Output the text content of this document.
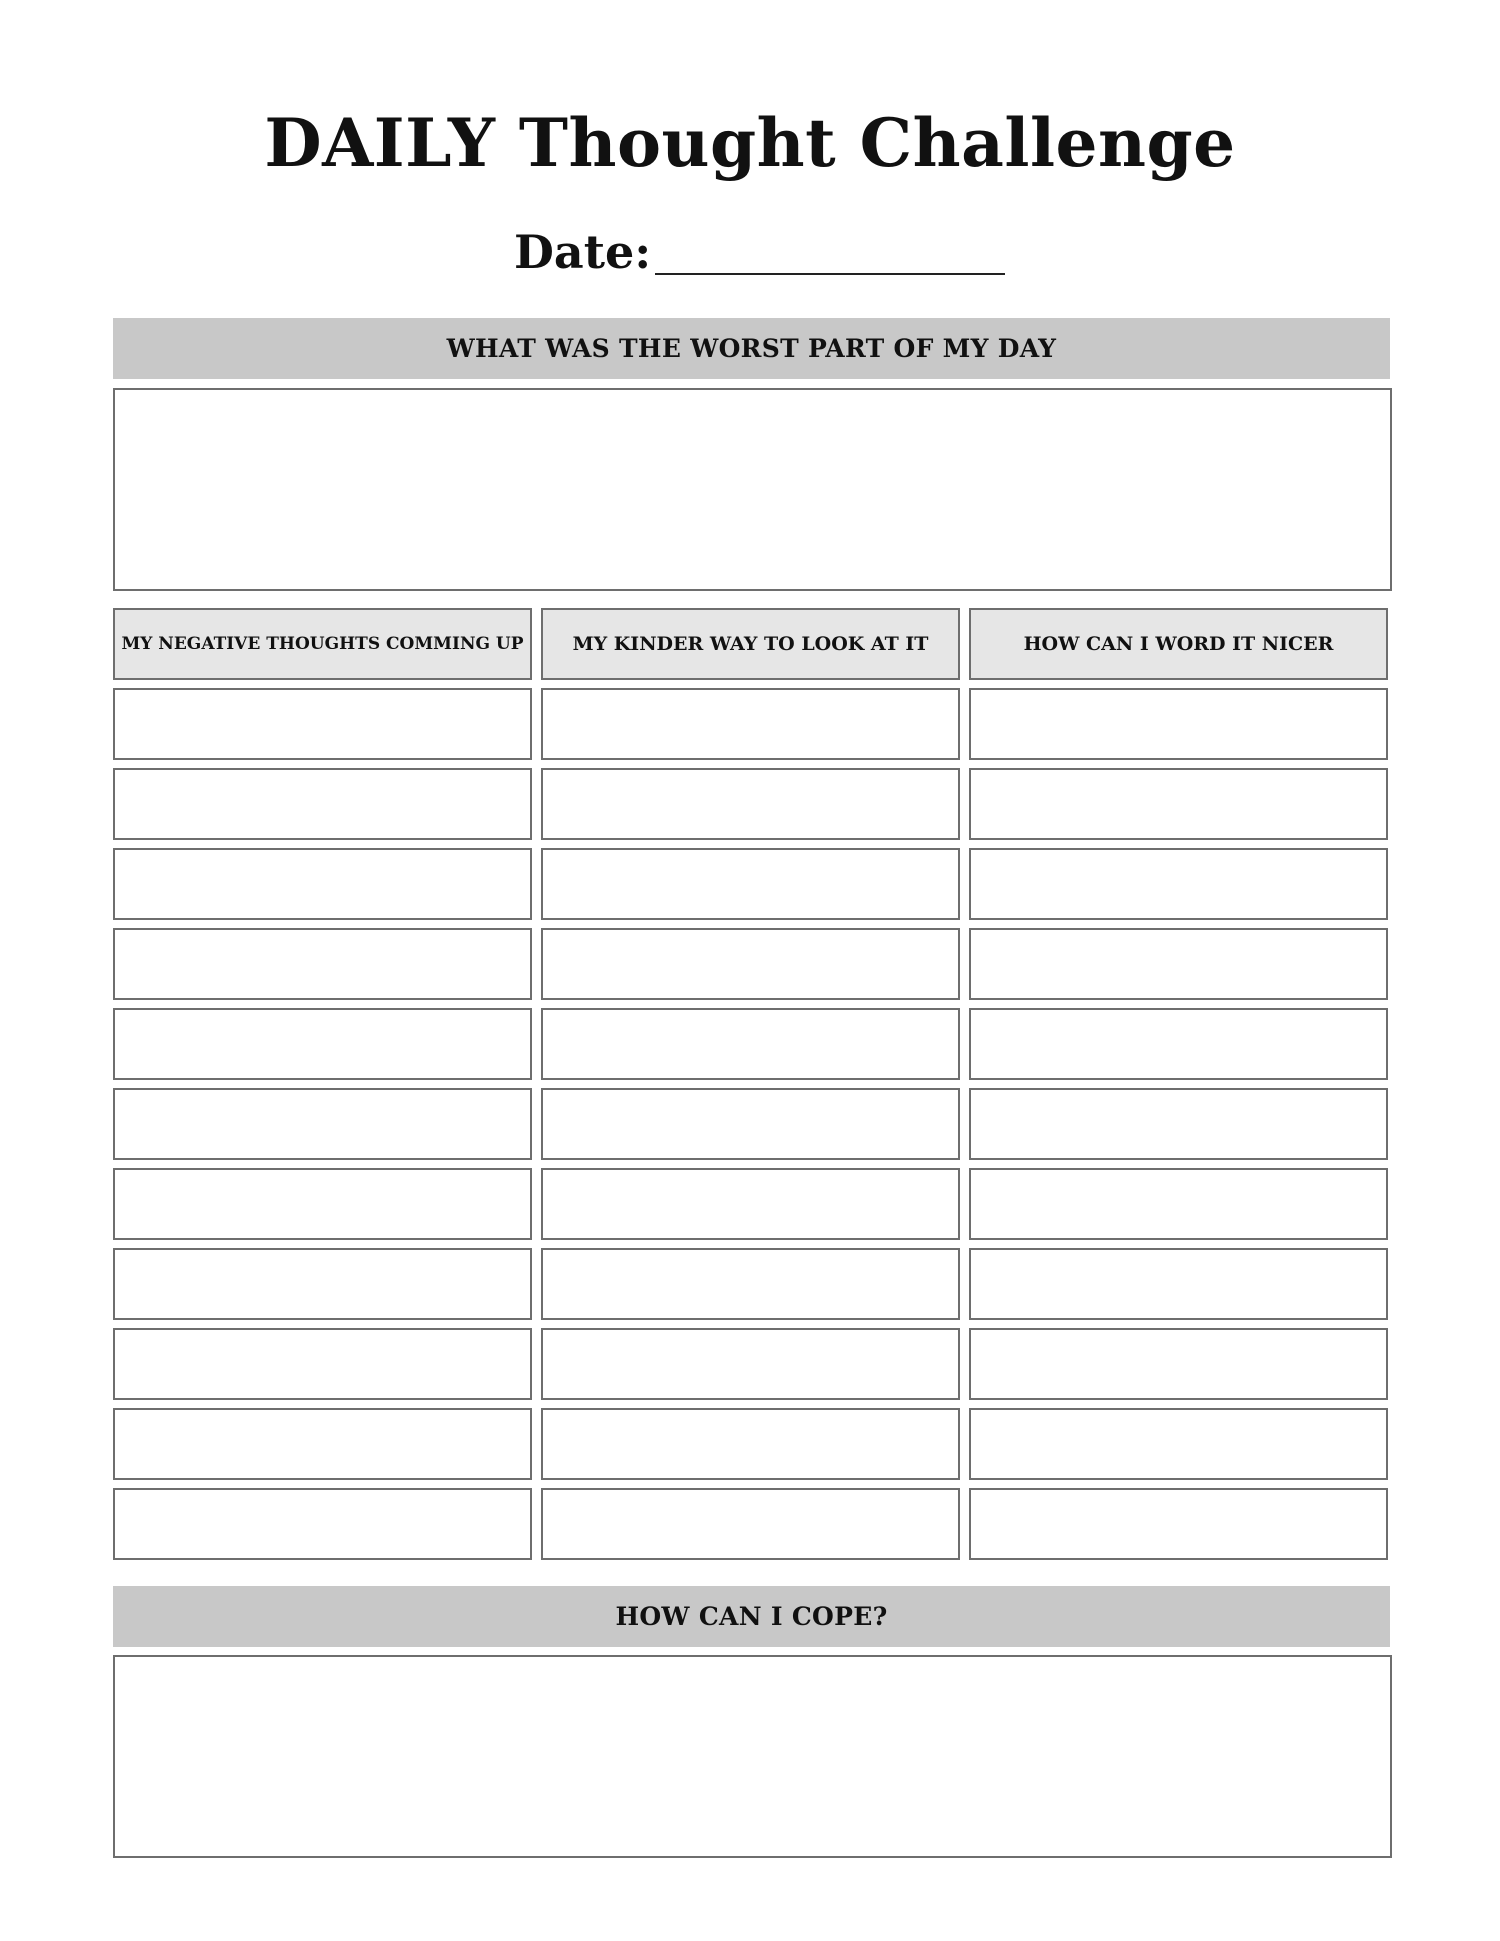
DAILY Thought Challenge
Date:
WHAT WAS THE WORST PART OF MY DAY
MY NEGATIVE THOUGHTS COMMING UP	MY KINDER WAY TO LOOK AT IT	HOW CAN I WORD IT NICER
HOW CAN I COPE?
